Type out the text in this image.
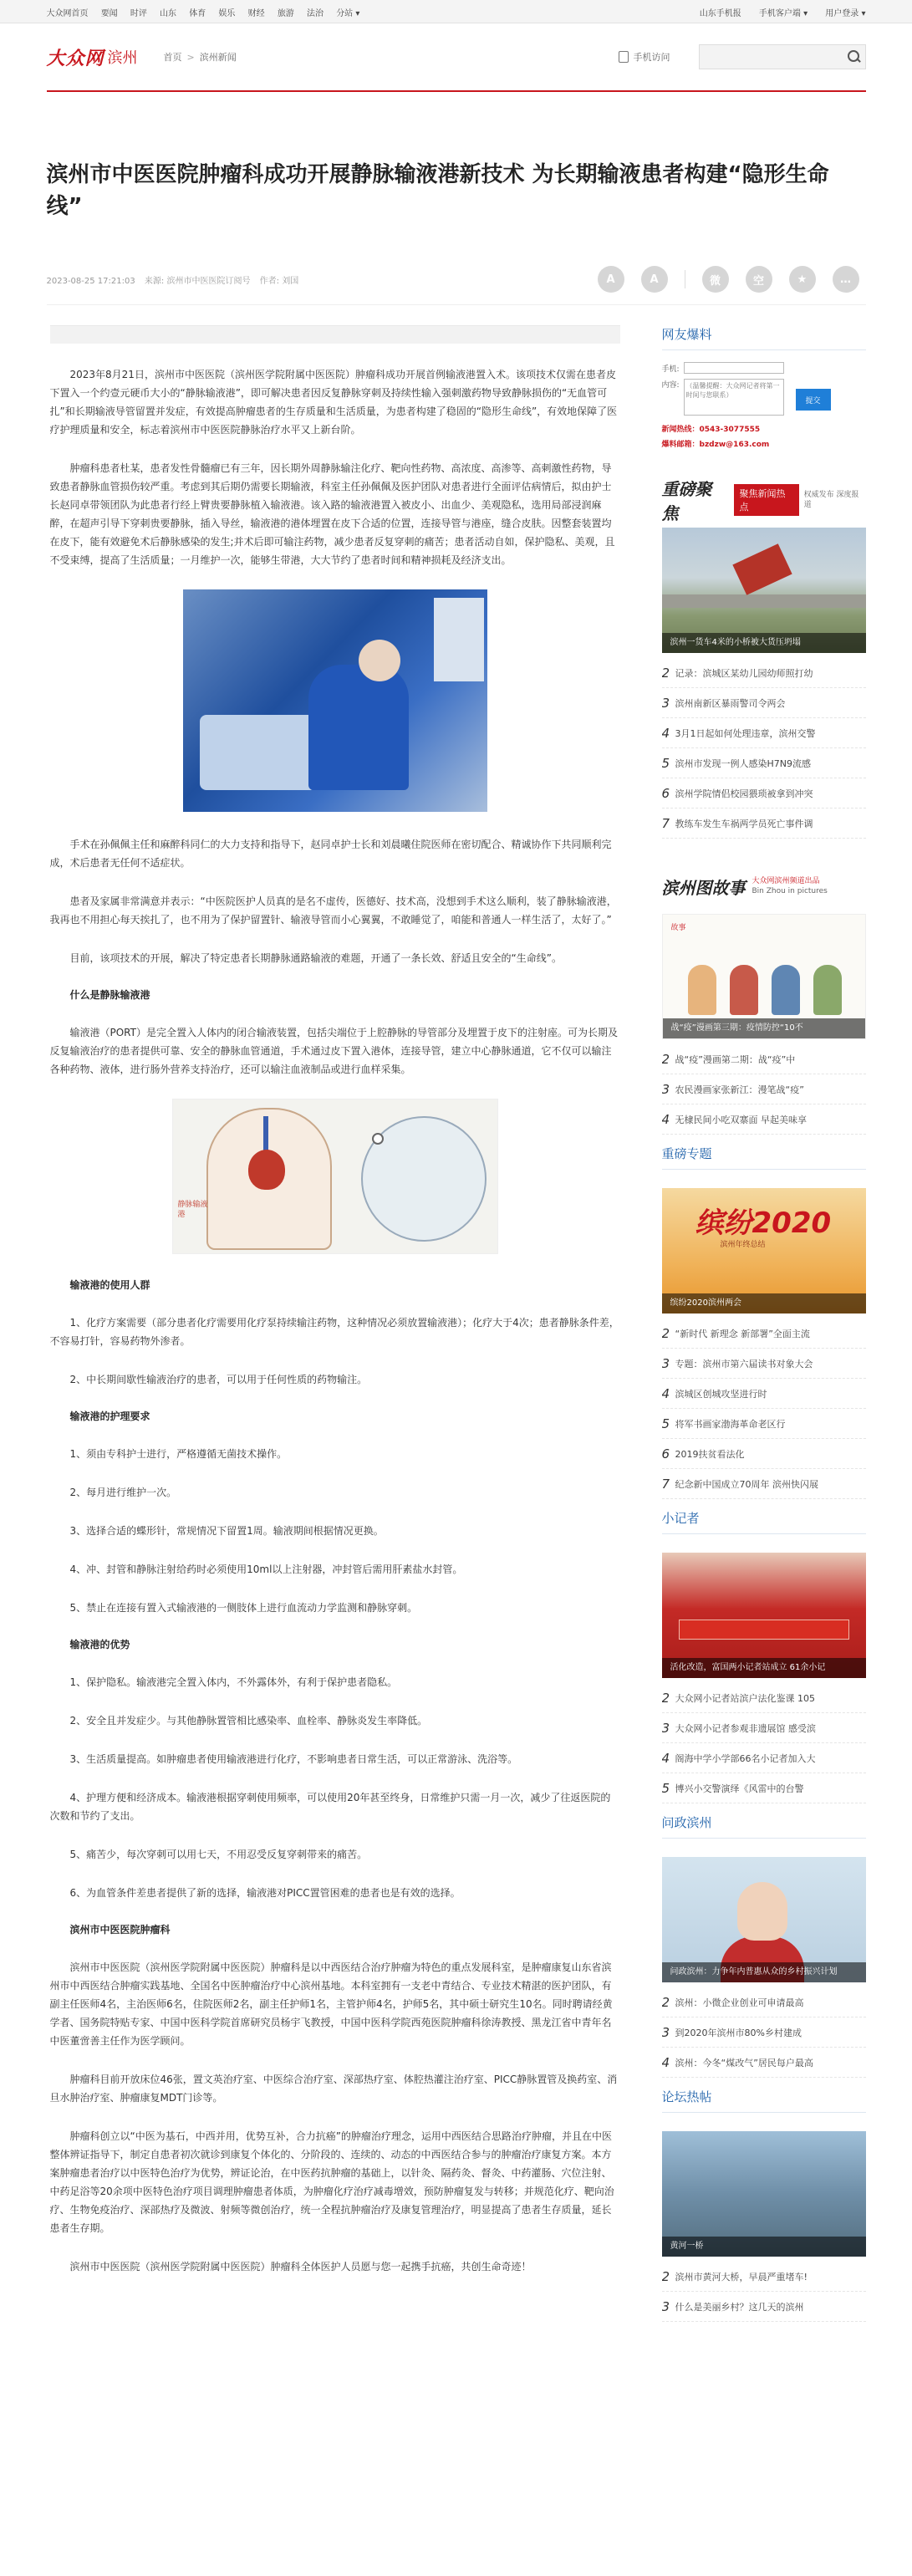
大众网首页 要闻 时评 山东 体育 娱乐 财经 旅游 法治 分站 ▾	山东手机报 手机客户端 ▾ 用户登录 ▾
大众网 滨州	首页 > 滨州新闻	手机访问
滨州市中医医院肿瘤科成功开展静脉输液港新技术 为长期输液患者构建“隐形生命线”
2023-08-25 17:21:03 来源: 滨州市中医医院订阅号 作者: 刘国	A	A	微	空	★	…

2023年8月21日，滨州市中医医院（滨州医学院附属中医医院）肿瘤科成功开展首例输液港置入术。该项技术仅需在患者皮下置入一个约壹元硬币大小的“静脉输液港”，即可解决患者因反复静脉穿刺及持续性输入强刺激药物导致静脉损伤的“无血管可扎”和长期输液导管留置并发症，有效提高肿瘤患者的生存质量和生活质量，为患者构建了稳固的“隐形生命线”，有效地保障了医疗护理质量和安全，标志着滨州市中医医院静脉治疗水平又上新台阶。

肿瘤科患者杜某，患者发性骨髓瘤已有三年，因长期外周静脉输注化疗、靶向性药物、高浓度、高渗等、高刺激性药物，导致患者静脉血管损伤较严重。考虑到其后期仍需要长期输液，科室主任孙佩佩及医护团队对患者进行全面评估病情后，拟由护士长赵同卓带领团队为此患者行经上臂贵要静脉植入输液港。该入路的输液港置入被皮小、出血少、美观隐私，选用局部浸润麻醉，在超声引导下穿刺贵要静脉，插入导丝，输液港的港体埋置在皮下合适的位置，连接导管与港座，缝合皮肤。因整套装置均在皮下，能有效避免术后静脉感染的发生;并术后即可输注药物，减少患者反复穿刺的痛苦；患者活动自如，保护隐私、美观，且不受束缚，提高了生活质量；一月维护一次，能够生带港，大大节约了患者时间和精神损耗及经济支出。

手术在孙佩佩主任和麻醉科同仁的大力支持和指导下，赵同卓护士长和刘晨曦住院医师在密切配合、精诚协作下共同顺利完成，术后患者无任何不适症状。

患者及家属非常满意并表示：“中医院医护人员真的是名不虚传，医德好、技术高，没想到手术这么顺利，装了静脉输液港，我再也不用担心每天挨扎了，也不用为了保护留置针、输液导管而小心翼翼，不敢睡觉了，咱能和普通人一样生活了，太好了。”

目前，该项技术的开展，解决了特定患者长期静脉通路输液的难题，开通了一条长效、舒适且安全的“生命线”。

什么是静脉输液港

输液港（PORT）是完全置入人体内的闭合输液装置，包括尖端位于上腔静脉的导管部分及埋置于皮下的注射座。可为长期及反复输液治疗的患者提供可靠、安全的静脉血管通道，手术通过皮下置入港体，连接导管，建立中心静脉通道，它不仅可以输注各种药物、液体，进行肠外营养支持治疗，还可以输注血液制品或进行血样采集。

静脉输液港
输液港的使用人群

1、化疗方案需要（部分患者化疗需要用化疗泵持续输注药物，这种情况必须放置输液港）；化疗大于4次；患者静脉条件差，不容易打针，容易药物外渗者。

2、中长期间歇性输液治疗的患者，可以用于任何性质的药物输注。

输液港的护理要求

1、须由专科护士进行，严格遵循无菌技术操作。

2、每月进行维护一次。

3、选择合适的蝶形针，常规情况下留置1周。输液期间根据情况更换。

4、冲、封管和静脉注射给药时必须使用10ml以上注射器，冲封管后需用肝素盐水封管。

5、禁止在连接有置入式输液港的一侧肢体上进行血流动力学监测和静脉穿刺。

输液港的优势

1、保护隐私。输液港完全置入体内，不外露体外，有利于保护患者隐私。

2、安全且并发症少。与其他静脉置管相比感染率、血栓率、静脉炎发生率降低。

3、生活质量提高。如肿瘤患者使用输液港进行化疗，不影响患者日常生活，可以正常游泳、洗浴等。

4、护理方便和经济成本。输液港根据穿刺使用频率，可以使用20年甚至终身，日常维护只需一月一次，减少了往返医院的次数和节约了支出。

5、痛苦少，每次穿刺可以用七天，不用忍受反复穿刺带来的痛苦。

6、为血管条件差患者提供了新的选择，输液港对PICC置管困难的患者也是有效的选择。

滨州市中医医院肿瘤科

滨州市中医医院（滨州医学院附属中医医院）肿瘤科是以中西医结合治疗肿瘤为特色的重点发展科室，是肿瘤康复山东省滨州市中西医结合肿瘤实践基地、全国名中医肿瘤治疗中心滨州基地。本科室拥有一支老中青结合、专业技术精湛的医护团队，有副主任医师4名，主治医师6名，住院医师2名，副主任护师1名，主管护师4名，护师5名，其中硕士研究生10名。同时聘请经黄学者、国务院特贴专家、中国中医科学院首席研究员杨宇飞教授，中国中医科学院西苑医院肿瘤科徐涛教授、黑龙江省中青年名中医董啻善主任作为医学顾问。

肿瘤科目前开放床位46张，置文英治疗室、中医综合治疗室、深部热疗室、体腔热灌注治疗室、PICC静脉置管及换药室、消旦水肿治疗室、肿瘤康复MDT门诊等。

肿瘤科创立以“中医为基石，中西并用，优势互补，合力抗癌”的肿瘤治疗理念，运用中西医结合思路治疗肿瘤，并且在中医整体辨证指导下，制定自患者初次就诊到康复个体化的、分阶段的、连续的、动态的中西医结合参与的肿瘤治疗康复方案。本方案肿瘤患者治疗以中医特色治疗为优势，辨证论治，在中医药抗肿瘤的基础上，以针灸、隔药灸、督灸、中药灌肠、穴位注射、中药足浴等20余项中医特色治疗项目调理肿瘤患者体质，为肿瘤化疗治疗减毒增效，预防肿瘤复发与转移；并规范化疗、靶向治疗、生物免疫治疗、深部热疗及微波、射频等微创治疗，统一全程抗肿瘤治疗及康复管理治疗，明显提高了患者生存质量，延长患者生存期。

滨州市中医医院（滨州医学院附属中医医院）肿瘤科全体医护人员愿与您一起携手抗癌，共创生命奇迹！

网友爆料
手机:
内容:
（温馨提醒：大众网记者将第一时间与您联系）
提交
新闻热线：0543-3077555
爆料邮箱：bzdzw@163.com
重磅聚焦
聚焦新闻热点
权威发布 深度报道
滨州一货车4米的小桥被大货压坍塌
2 记录：滨城区某幼儿园幼师照打幼
3 滨州南新区暴雨警司令两会
4 3月1日起如何处理违章，滨州交警
5 滨州市发现一例人感染H7N9流感
6 滨州学院情侣校园猥琐被拿到冲突
7 教练车发生车祸两学员死亡事件调
滨州图故事 大众网滨州频道出品
Bin Zhou in pictures
故事
战“疫”漫画第三期：疫情防控“10不
2 战“疫”漫画第二期：战“疫”中
3 农民漫画家张新江：漫笔战“疫”
4 无棣民间小吃双寨面 早起美味享
重磅专题
缤纷2020
滨州年终总结
缤纷2020滨州两会
2 “新时代 新理念 新部署”全面主流
3 专题：滨州市第六届读书对象大会
4 滨城区创城攻坚进行时
5 将军书画家渤海革命老区行
6 2019扶贫看法化
7 纪念新中国成立70周年 滨州快闪展
小记者
活化改造，富国两小记者站成立 61余小记
2 大众网小记者站滨户法化鉴课 105
3 大众网小记者参观非遗展馆 感受滨
4 阁海中学小学部66名小记者加入大
5 博兴小交警演绎《风雷中的台警
问政滨州
问政滨州：力争年内普惠从众的乡村振兴计划
2 滨州：小微企业创业可申请最高
3 到2020年滨州市80%乡村建成
4 滨州：今冬“煤改气”居民每户最高
论坛热帖
黄河一桥
2 滨州市黄河大桥，早晨严重堵车!
3 什么是美丽乡村？这几天的滨州
